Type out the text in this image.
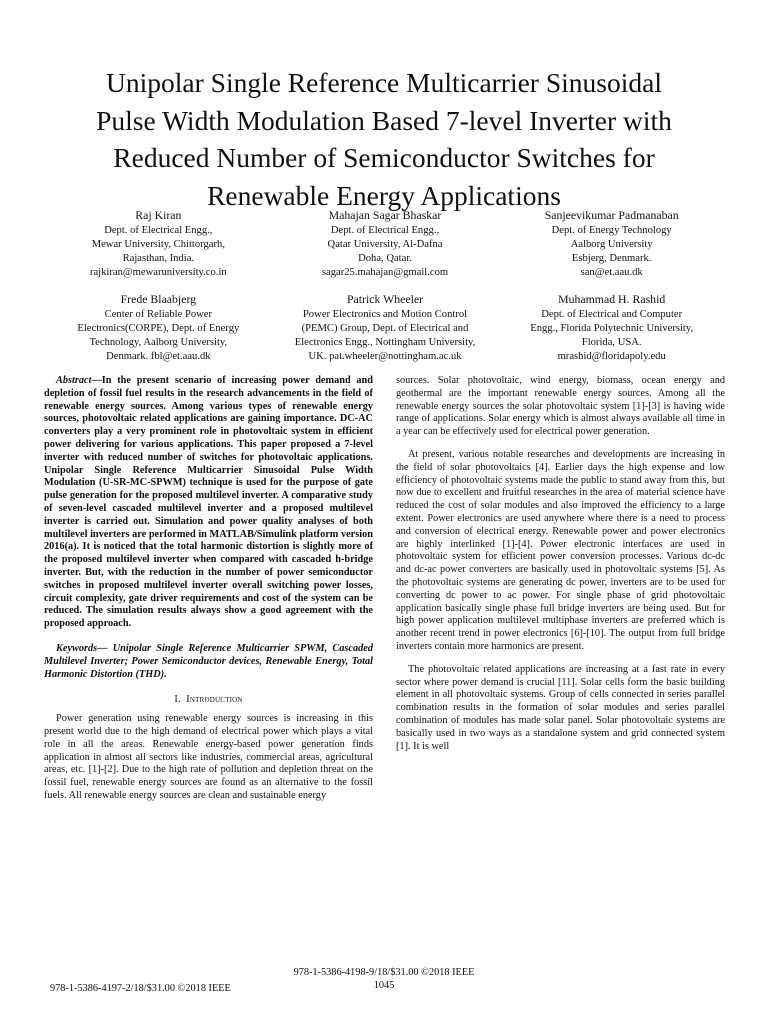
Unipolar Single Reference Multicarrier Sinusoidal
Pulse Width Modulation Based 7-level Inverter with
Reduced Number of Semiconductor Switches for
Renewable Energy Applications
Raj Kiran
Dept. of Electrical Engg.,
Mewar University, Chittorgarh,
Rajasthan, India.
rajkiran@mewaruniversity.co.in
Mahajan Sagar Bhaskar
Dept. of Electrical Engg.,
Qatar University, Al-Dafna
Doha, Qatar.
sagar25.mahajan@gmail.com
Sanjeevikumar Padmanaban
Dept. of Energy Technology
Aalborg University
Esbjerg, Denmark.
san@et.aau.dk
Frede Blaabjerg
Center of Reliable Power
Electronics(CORPE), Dept. of Energy
Technology, Aalborg University,
Denmark. fbl@et.aau.dk
Patrick Wheeler
Power Electronics and Motion Control
(PEMC) Group, Dept. of Electrical and
Electronics Engg., Nottingham University,
UK. pat.wheeler@nottingham.ac.uk
Muhammad H. Rashid
Dept. of Electrical and Computer
Engg., Florida Polytechnic University,
Florida, USA.
mrashid@floridapoly.edu

Abstract—In the present scenario of increasing power demand and depletion of fossil fuel results in the research advancements in the field of renewable energy sources. Among various types of renewable energy sources, photovoltaic related applications are gaining importance. DC-AC converters play a very prominent role in photovoltaic system in efficient power delivering for various applications. This paper proposed a 7-level inverter with reduced number of switches for photovoltaic applications. Unipolar Single Reference Multicarrier Sinusoidal Pulse Width Modulation (U-SR-MC-SPWM) technique is used for the purpose of gate pulse generation for the proposed multilevel inverter. A comparative study of seven-level cascaded multilevel inverter and a proposed multilevel inverter is carried out. Simulation and power quality analyses of both multilevel inverters are performed in MATLAB/Simulink platform version 2016(a). It is noticed that the total harmonic distortion is slightly more of the proposed multilevel inverter when compared with cascaded h-bridge inverter. But, with the reduction in the number of power semiconductor switches in proposed multilevel inverter overall switching power losses, circuit complexity, gate driver requirements and cost of the system can be reduced. The simulation results always show a good agreement with the proposed approach.

Keywords— Unipolar Single Reference Multicarrier SPWM, Cascaded Multilevel Inverter; Power Semiconductor devices, Renewable Energy, Total Harmonic Distortion (THD).

I. Introduction

Power generation using renewable energy sources is increasing in this present world due to the high demand of electrical power which plays a vital role in all the areas. Renewable energy-based power generation finds application in almost all sectors like industries, commercial areas, agricultural areas, etc. [1]-[2]. Due to the high rate of pollution and depletion threat on the fossil fuel, renewable energy sources are found as an alternative to the fossil fuels. All renewable energy sources are clean and sustainable energy

sources. Solar photovoltaic, wind energy, biomass, ocean energy and geothermal are the important renewable energy sources. Among all the renewable energy sources the solar photovoltaic system [1]-[3] is having wide range of applications. Solar energy which is almost always available all time in a year can be effectively used for electrical power generation.

At present, various notable researches and developments are increasing in the field of solar photovoltaics [4]. Earlier days the high expense and low efficiency of photovoltaic systems made the public to stand away from this, but now due to excellent and fruitful researches in the area of material science have reduced the cost of solar modules and also improved the efficiency to a large extent. Power electronics are used anywhere where there is a need to process and conversion of electrical energy. Renewable power and power electronics are highly interlinked [1]-[4]. Power electronic interfaces are used in photovoltaic system for efficient power conversion processes. Various dc-dc and dc-ac power converters are basically used in photovoltaic systems [5]. As the photovoltaic systems are generating dc power, inverters are to be used for converting dc power to ac power. For single phase of grid photovoltaic application basically single phase full bridge inverters are being used. But for high power application multilevel multiphase inverters are preferred which is another recent trend in power electronics [6]-[10]. The output from full bridge inverters contain more harmonics are present.

The photovoltaic related applications are increasing at a fast rate in every sector where power demand is crucial [11]. Solar cells form the basic building element in all photovoltaic systems. Group of cells connected in series parallel combination results in the formation of solar modules and series parallel combination of modules has made solar panel. Solar photovoltaic systems are basically used in two ways as a standalone system and grid connected system [1]. It is well

978-1-5386-4198-9/18/$31.00 ©2018 IEEE
1045
978-1-5386-4197-2/18/$31.00 ©2018 IEEE
